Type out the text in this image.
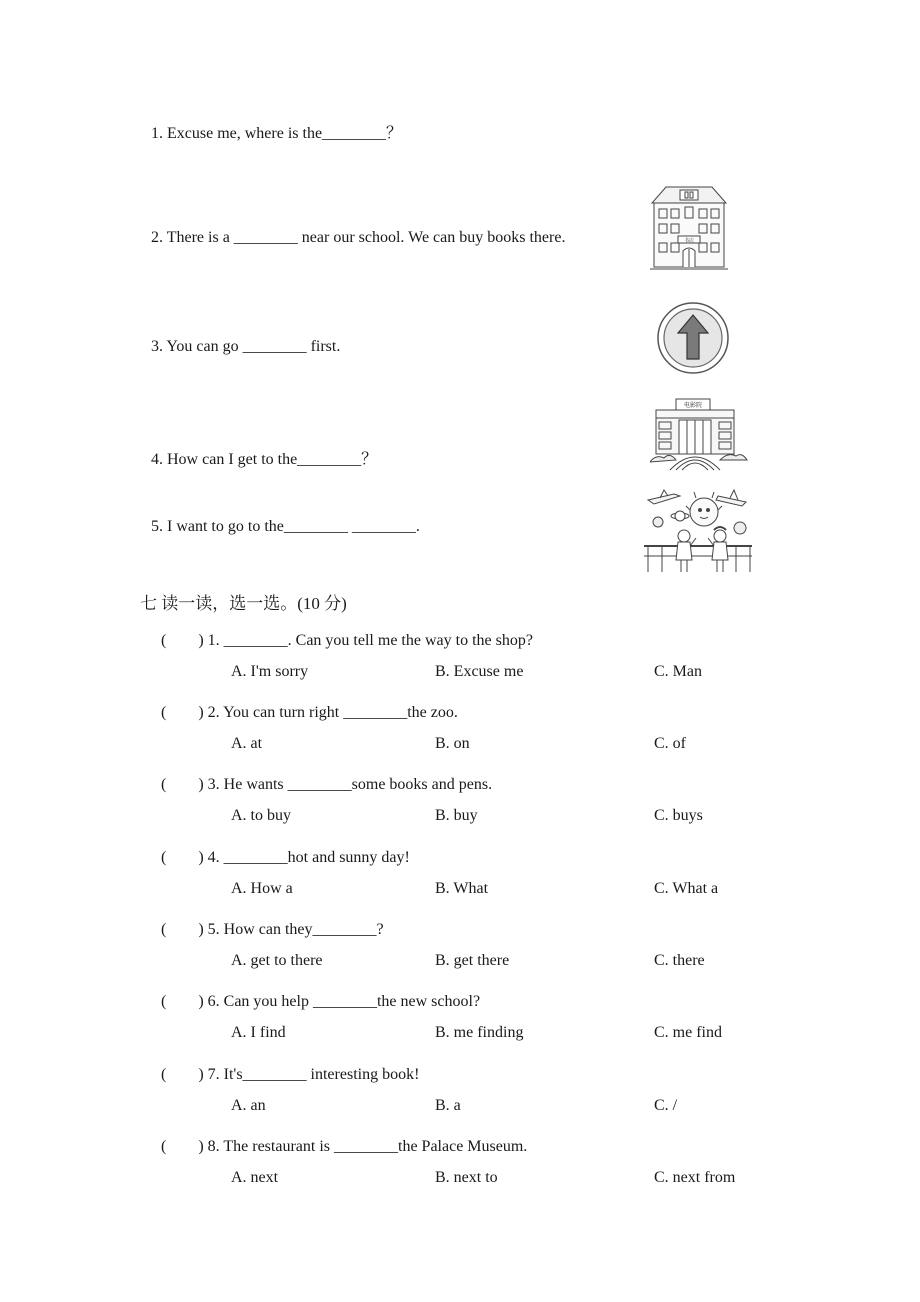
1. Excuse me, where is the________？
2. There is a ________ near our school. We can buy books there.
3. You can go ________ first.
4. How can I get to the________？
5. I want to go to the________ ________.
书店
电影院
七 读一读，选一选。(10 分)
(　　) 1. ________. Can you tell me the way to the shop?
A. I'm sorry	B. Excuse me	C. Man
(　　) 2. You can turn right ________the zoo.
A. at	B. on	C. of
(　　) 3. He wants ________some books and pens.
A. to buy	B. buy	C. buys
(　　) 4. ________hot and sunny day!
A. How a	B. What	C. What a
(　　) 5. How can they________?
A. get to there	B. get there	C. there
(　　) 6. Can you help ________the new school?
A. I find	B. me finding	C. me find
(　　) 7. It's________ interesting book!
A. an	B. a	C. /
(　　) 8. The restaurant is ________the Palace Museum.
A. next	B. next to	C. next from
